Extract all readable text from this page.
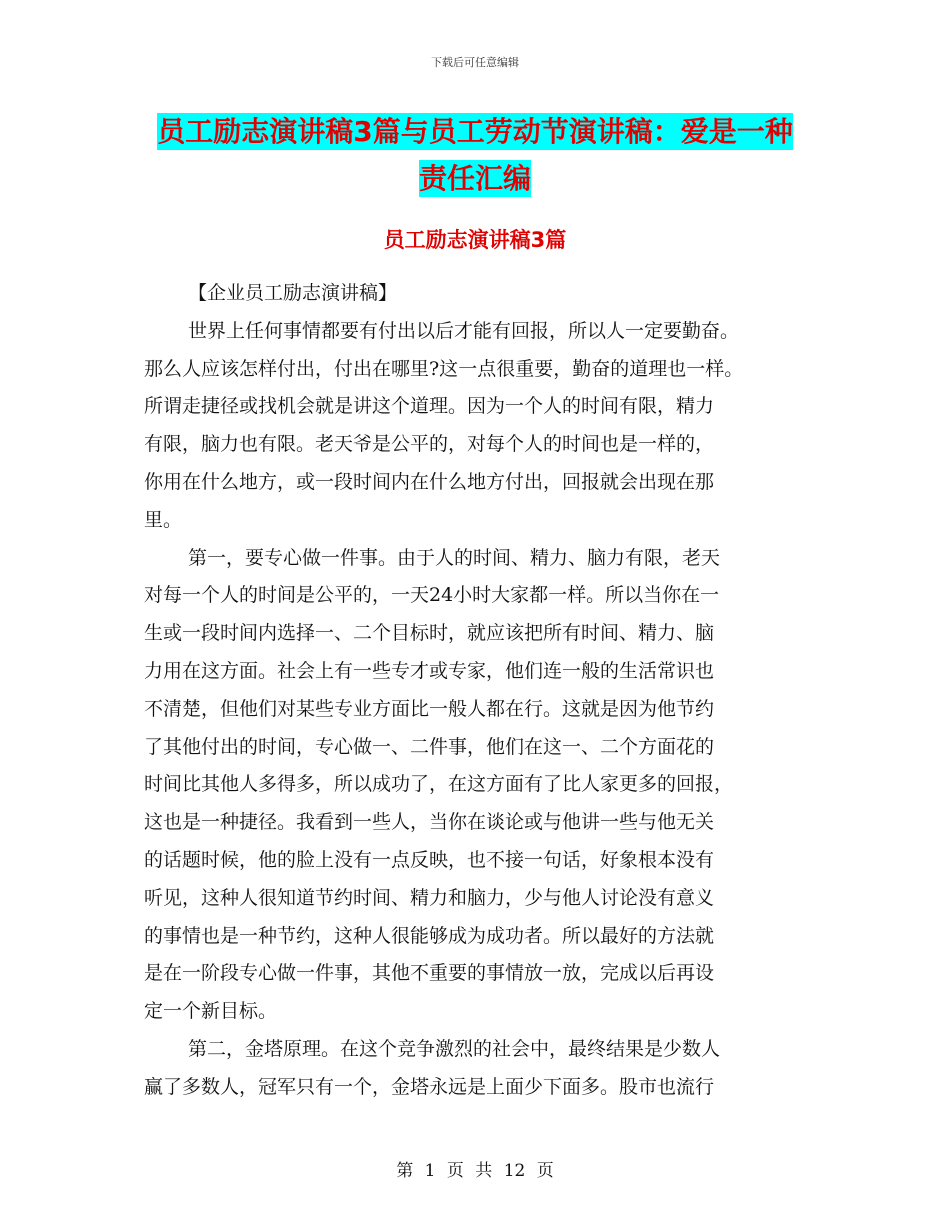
下载后可任意编辑
员工励志演讲稿3篇与员工劳动节演讲稿：爱是一种
责任汇编
员工励志演讲稿3篇
【企业员工励志演讲稿】
世界上任何事情都要有付出以后才能有回报，所以人一定要勤奋。
那么人应该怎样付出，付出在哪里?这一点很重要，勤奋的道理也一样。
所谓走捷径或找机会就是讲这个道理。因为一个人的时间有限，精力
有限，脑力也有限。老天爷是公平的，对每个人的时间也是一样的，
你用在什么地方，或一段时间内在什么地方付出，回报就会出现在那
里。
第一，要专心做一件事。由于人的时间、精力、脑力有限，老天
对每一个人的时间是公平的，一天24小时大家都一样。所以当你在一
生或一段时间内选择一、二个目标时，就应该把所有时间、精力、脑
力用在这方面。社会上有一些专才或专家，他们连一般的生活常识也
不清楚，但他们对某些专业方面比一般人都在行。这就是因为他节约
了其他付出的时间，专心做一、二件事，他们在这一、二个方面花的
时间比其他人多得多，所以成功了，在这方面有了比人家更多的回报，
这也是一种捷径。我看到一些人，当你在谈论或与他讲一些与他无关
的话题时候，他的脸上没有一点反映，也不接一句话，好象根本没有
听见，这种人很知道节约时间、精力和脑力，少与他人讨论没有意义
的事情也是一种节约，这种人很能够成为成功者。所以最好的方法就
是在一阶段专心做一件事，其他不重要的事情放一放，完成以后再设
定一个新目标。
第二，金塔原理。在这个竞争激烈的社会中，最终结果是少数人
赢了多数人，冠军只有一个，金塔永远是上面少下面多。股市也流行
第 1 页 共 12 页
